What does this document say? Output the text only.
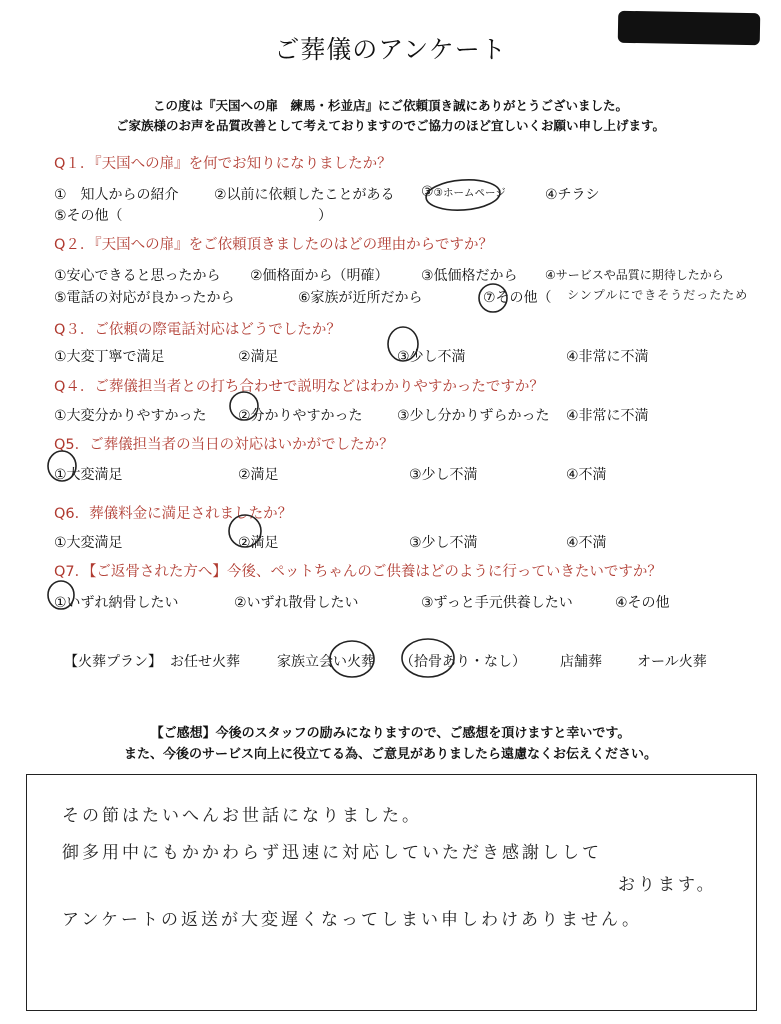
ご葬儀のアンケート
この度は『天国への扉　練馬・杉並店』にご依頼頂き誠にありがとうございました。
ご家族様のお声を品質改善として考えておりますのでご協力のほど宜しいくお願い申し上げます。
Q１．『天国への扉』を何でお知りになりましたか？
①　知人からの紹介	②以前に依頼したことがある ③③ホームページ	④チラシ
⑤その他（	）
Q２．『天国への扉』をご依頼頂きましたのはどの理由からですか？
①安心できると思ったから ②価格面から（明確） ③低価格だから ④サービスや品質に期待したから
⑤電話の対応が良かったから	⑥家族が近所だから	⑦その他（ シンプルにできそうだったため
Q３．ご依頼の際電話対応はどうでしたか？
①大変丁寧で満足	②満足	③少し不満	④非常に不満
Q４．ご葬儀担当者との打ち合わせで説明などはわかりやすかったですか？
①大変分かりやすかった ②分かりやすかった ③少し分かりずらかった ④非常に不満
Q5．ご葬儀担当者の当日の対応はいかがでしたか？
①大変満足	②満足	③少し不満	④不満
Q6．葬儀料金に満足されましたか？
①大変満足	②満足	③少し不満	④不満
Q7．【ご返骨された方へ】今後、ペットちゃんのご供養はどのように行っていきたいですか？
①いずれ納骨したい	②いずれ散骨したい	③ずっと手元供養したい	④その他
【火葬プラン】 お任せ火葬	家族立会い火葬 （拾骨あり・なし） 店舗葬	オール火葬
【ご感想】今後のスタッフの励みになりますので、ご感想を頂けますと幸いです。
また、今後のサービス向上に役立てる為、ご意見がありましたら遠慮なくお伝えください。
その節はたいへんお世話になりました。
御多用中にもかかわらず迅速に対応していただき感謝しして
おります。
アンケートの返送が大変遅くなってしまい申しわけありません。
